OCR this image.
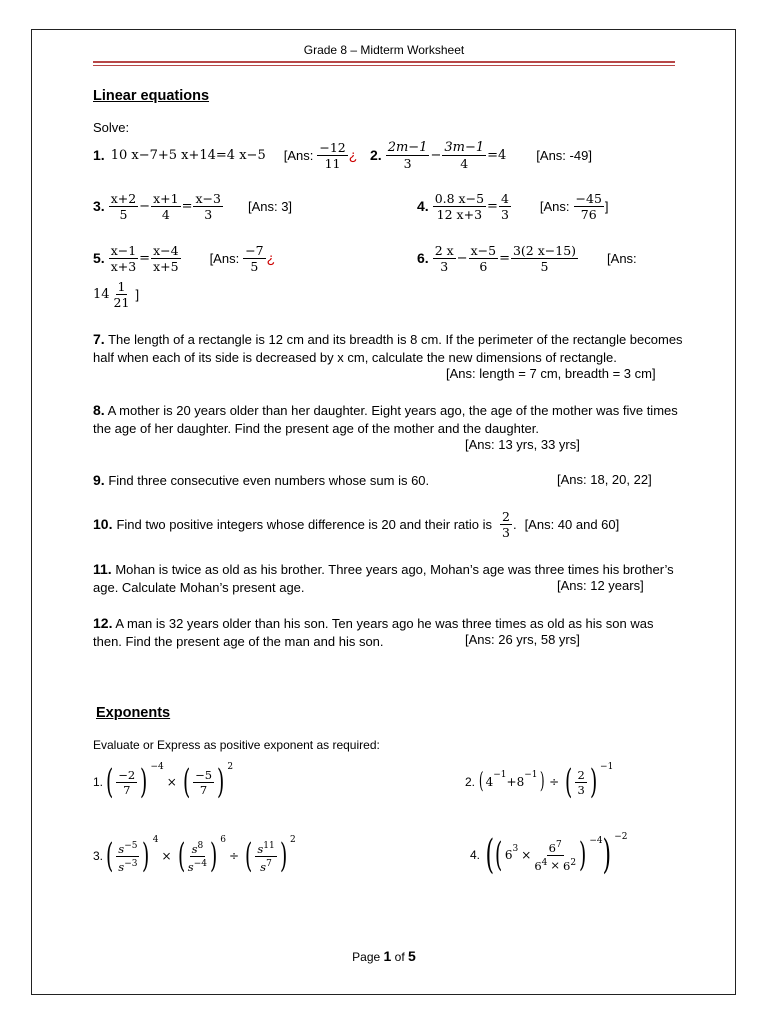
Grade 8 – Midterm Worksheet
Linear equations
Solve:
1. 10 x−7+5 x+14=4 x−5 [Ans: $\frac{-12}{11}$ ¿ 2. $\frac{2m-1}{3} - \frac{3m-1}{4} =4$ [Ans: -49]
3. $\frac{x+2}{5} - \frac{x+1}{4} = \frac{x-3}{3} [Ans$: 3]	4. $\frac{0.8 x-5}{12 x+3} = \frac{4}{3} [Ans$: $\frac{-45}{76}$ ]
5. $\frac{x-1}{x+3} = \frac{x-4}{x+5} [Ans$: $\frac{-7}{5}$ ¿	6. $\frac{2 x}{3} - \frac{x-5}{6} = \frac{3(2 x-15)}{5} [Ans$:
$14 \frac{1}{21}$ ]
7. The length of a rectangle is 12 cm and its breadth is 8 cm. If the perimeter of the rectangle becomes half when each of its side is decreased by x cm, calculate the new dimensions of rectangle.
[Ans: length = 7 cm, breadth = 3 cm]
8. A mother is 20 years older than her daughter. Eight years ago, the age of the mother was five times the age of her daughter. Find the present age of the mother and the daughter.
[Ans: 13 yrs, 33 yrs]
9. Find three consecutive even numbers whose sum is 60.	[Ans: 18, 20, 22]
10. Find two positive integers whose difference is 20 and their ratio is $\frac{2}{3}$ . [Ans: 40 and 60]
11. Mohan is twice as old as his brother. Three years ago, Mohan’s age was three times his brother’s age. Calculate Mohan’s present age.	[Ans: 12 years]
12. A man is 32 years older than his son. Ten years ago he was three times as old as his son was then. Find the present age of the man and his son.	[Ans: 26 yrs, 58 yrs]
Exponents
Evaluate or Express as positive exponent as required:
1. ( $\frac{-2}{7}$ ) −4
× ( $\frac{-5}{7}$ ) 2
2. ( 4 −1 + 8 −1 ) ÷ ( $\frac{2}{3}$ ) −1
3. ( $\frac{s^{-5}}{s^{-3}}$ ) 4
× ( $\frac{s^8}{s^{-4}}$ ) 6
÷ ( $\frac{s^{11}}{s^7}$ ) 2
4. ( ( 6 $3 \times \frac{6^7}{6^4 \times 6^2}$ ) −4 ) −2
Page 1 of 5
